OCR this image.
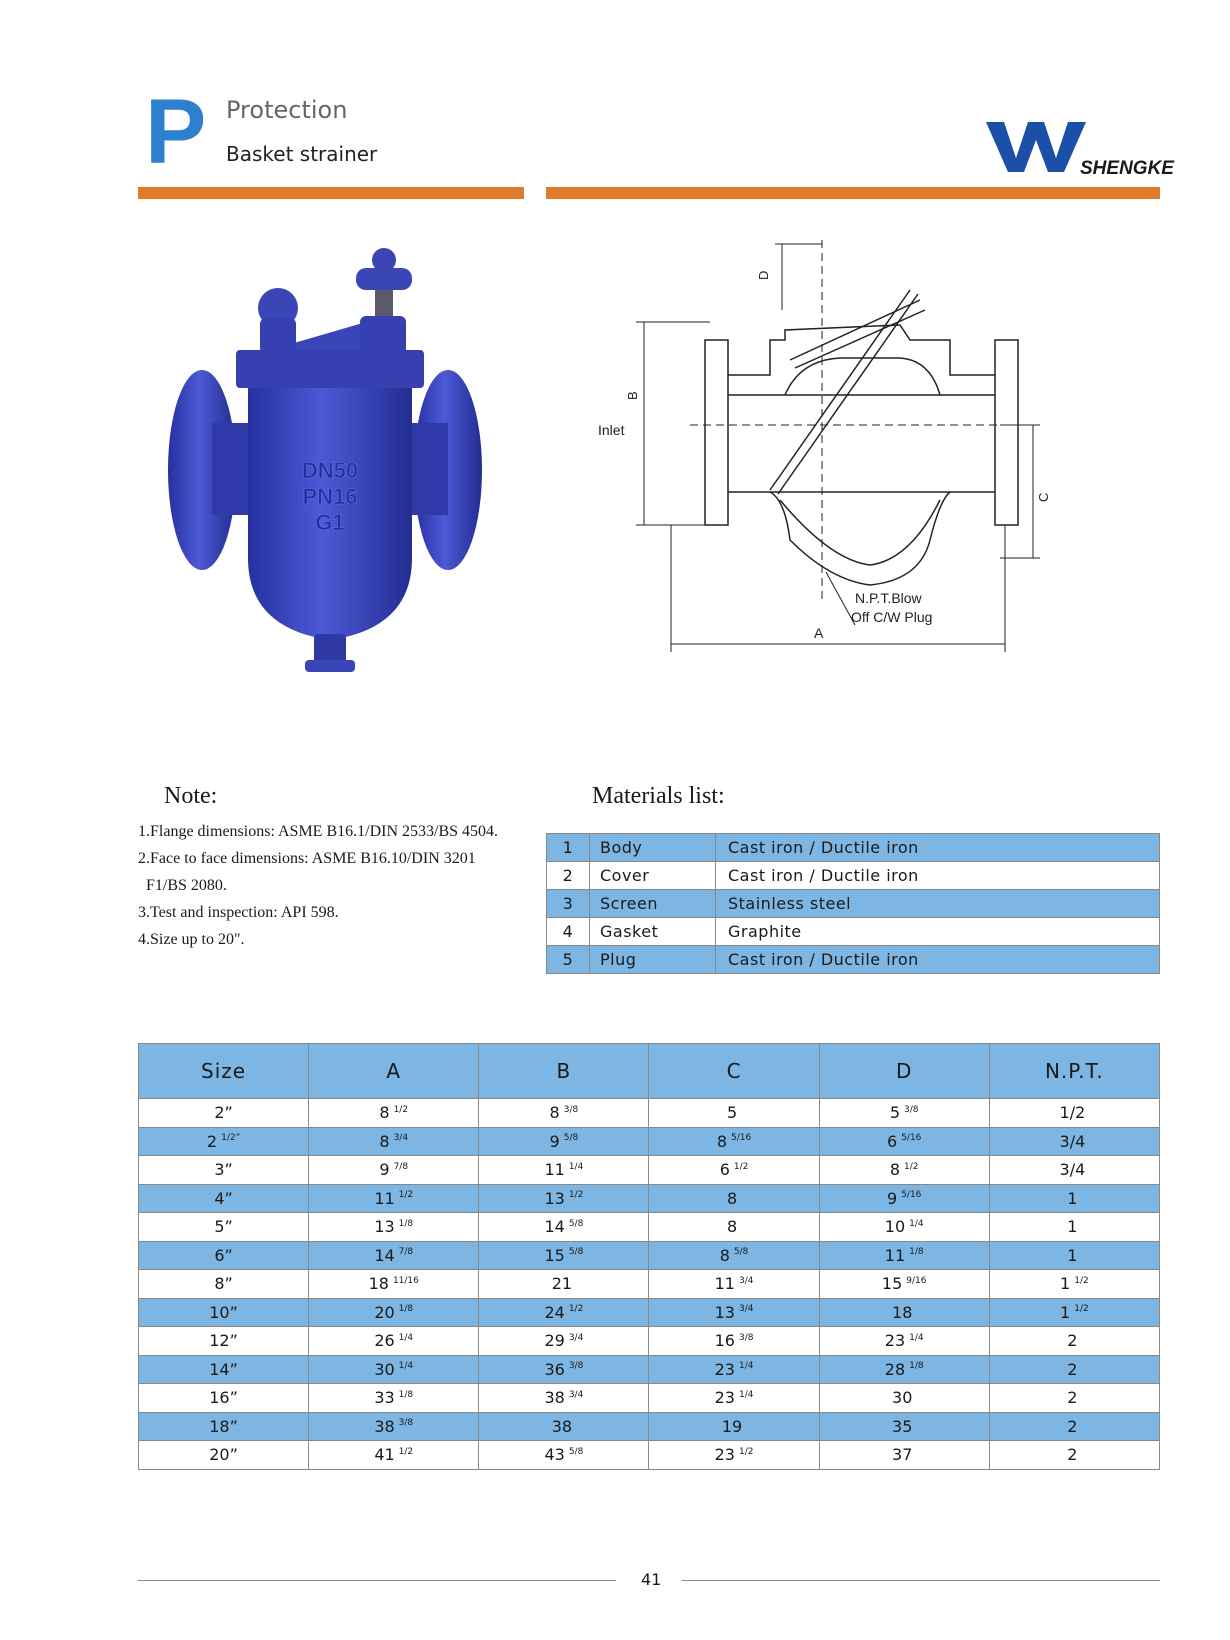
P Protection
Basket strainer
SHENGKE
DN50
PN16
G1
D
B
C
A
Inlet
N.P.T.Blow
Off C/W Plug
Note:
1.Flange dimensions: ASME B16.1/DIN 2533/BS 4504.
2.Face to face dimensions: ASME B16.10/DIN 3201
F1/BS 2080.
3.Test and inspection: API 598.
4.Size up to 20".
Materials list:
1	Body	Cast iron / Ductile iron
2	Cover	Cast iron / Ductile iron
3	Screen	Stainless steel
4	Gasket	Graphite
5	Plug	Cast iron / Ductile iron
Size	A	B	C	D	N.P.T.
2”	8 $^{1/2}$	8 $^{3/8}$	5	5 $^{3/8}$	1/2
2 $^{1/2”}$	8 $^{3/4}$	9 $^{5/8}$	8 $^{5/16}$	6 $^{5/16}$	3/4
3”	9 $^{7/8}$	11 $^{1/4}$	6 $^{1/2}$	8 $^{1/2}$	3/4
4”	11 $^{1/2}$	13 $^{1/2}$	8	9 $^{5/16}$	1
5”	13 $^{1/8}$	14 $^{5/8}$	8	10 $^{1/4}$	1
6”	14 $^{7/8}$	15 $^{5/8}$	8 $^{5/8}$	11 $^{1/8}$	1
8”	18 $^{11/16}$	21	11 $^{3/4}$	15 $^{9/16}$	1 $^{1/2}$
10”	20 $^{1/8}$	24 $^{1/2}$	13 $^{3/4}$	18	1 $^{1/2}$
12”	26 $^{1/4}$	29 $^{3/4}$	16 $^{3/8}$	23 $^{1/4}$	2
14”	30 $^{1/4}$	36 $^{3/8}$	23 $^{1/4}$	28 $^{1/8}$	2
16”	33 $^{1/8}$	38 $^{3/4}$	23 $^{1/4}$	30	2
18”	38 $^{3/8}$	38	19	35	2
20”	41 $^{1/2}$	43 $^{5/8}$	23 $^{1/2}$	37	2
41
